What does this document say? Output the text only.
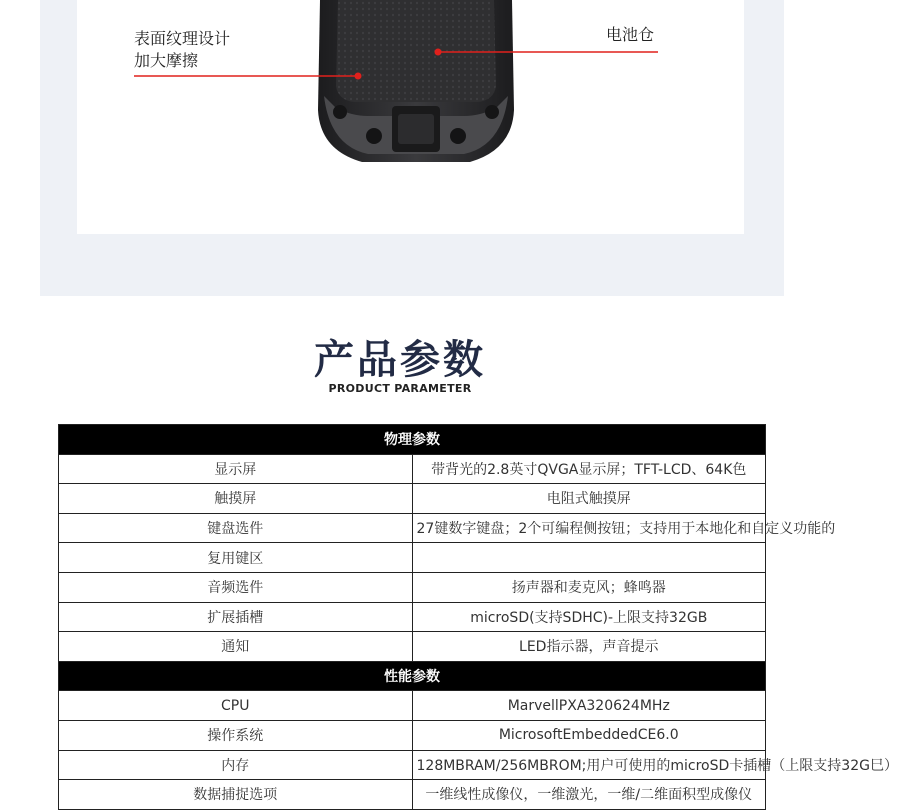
表面纹理设计
加大摩擦
电池仓
产品参数
PRODUCT PARAMETER
物理参数	
显示屏	带背光的2.8英寸QVGA显示屏；TFT-LCD、64K色
触摸屏	电阻式触摸屏
键盘选件	27键数字键盘；2个可编程侧按钮；支持用于本地化和自定义功能的
复用键区	
音频选件	扬声器和麦克风；蜂鸣器
扩展插槽	microSD(支持SDHC)-上限支持32GB
通知	LED指示器，声音提示
性能参数	
CPU	MarvellPXA320624MHz
操作系统	MicrosoftEmbeddedCE6.0
内存	128MBRAM/256MBROM;用户可使用的microSD卡插槽（上限支持32G巳）
数据捕捉选项	一维线性成像仪，一维激光，一维/二维面积型成像仪
